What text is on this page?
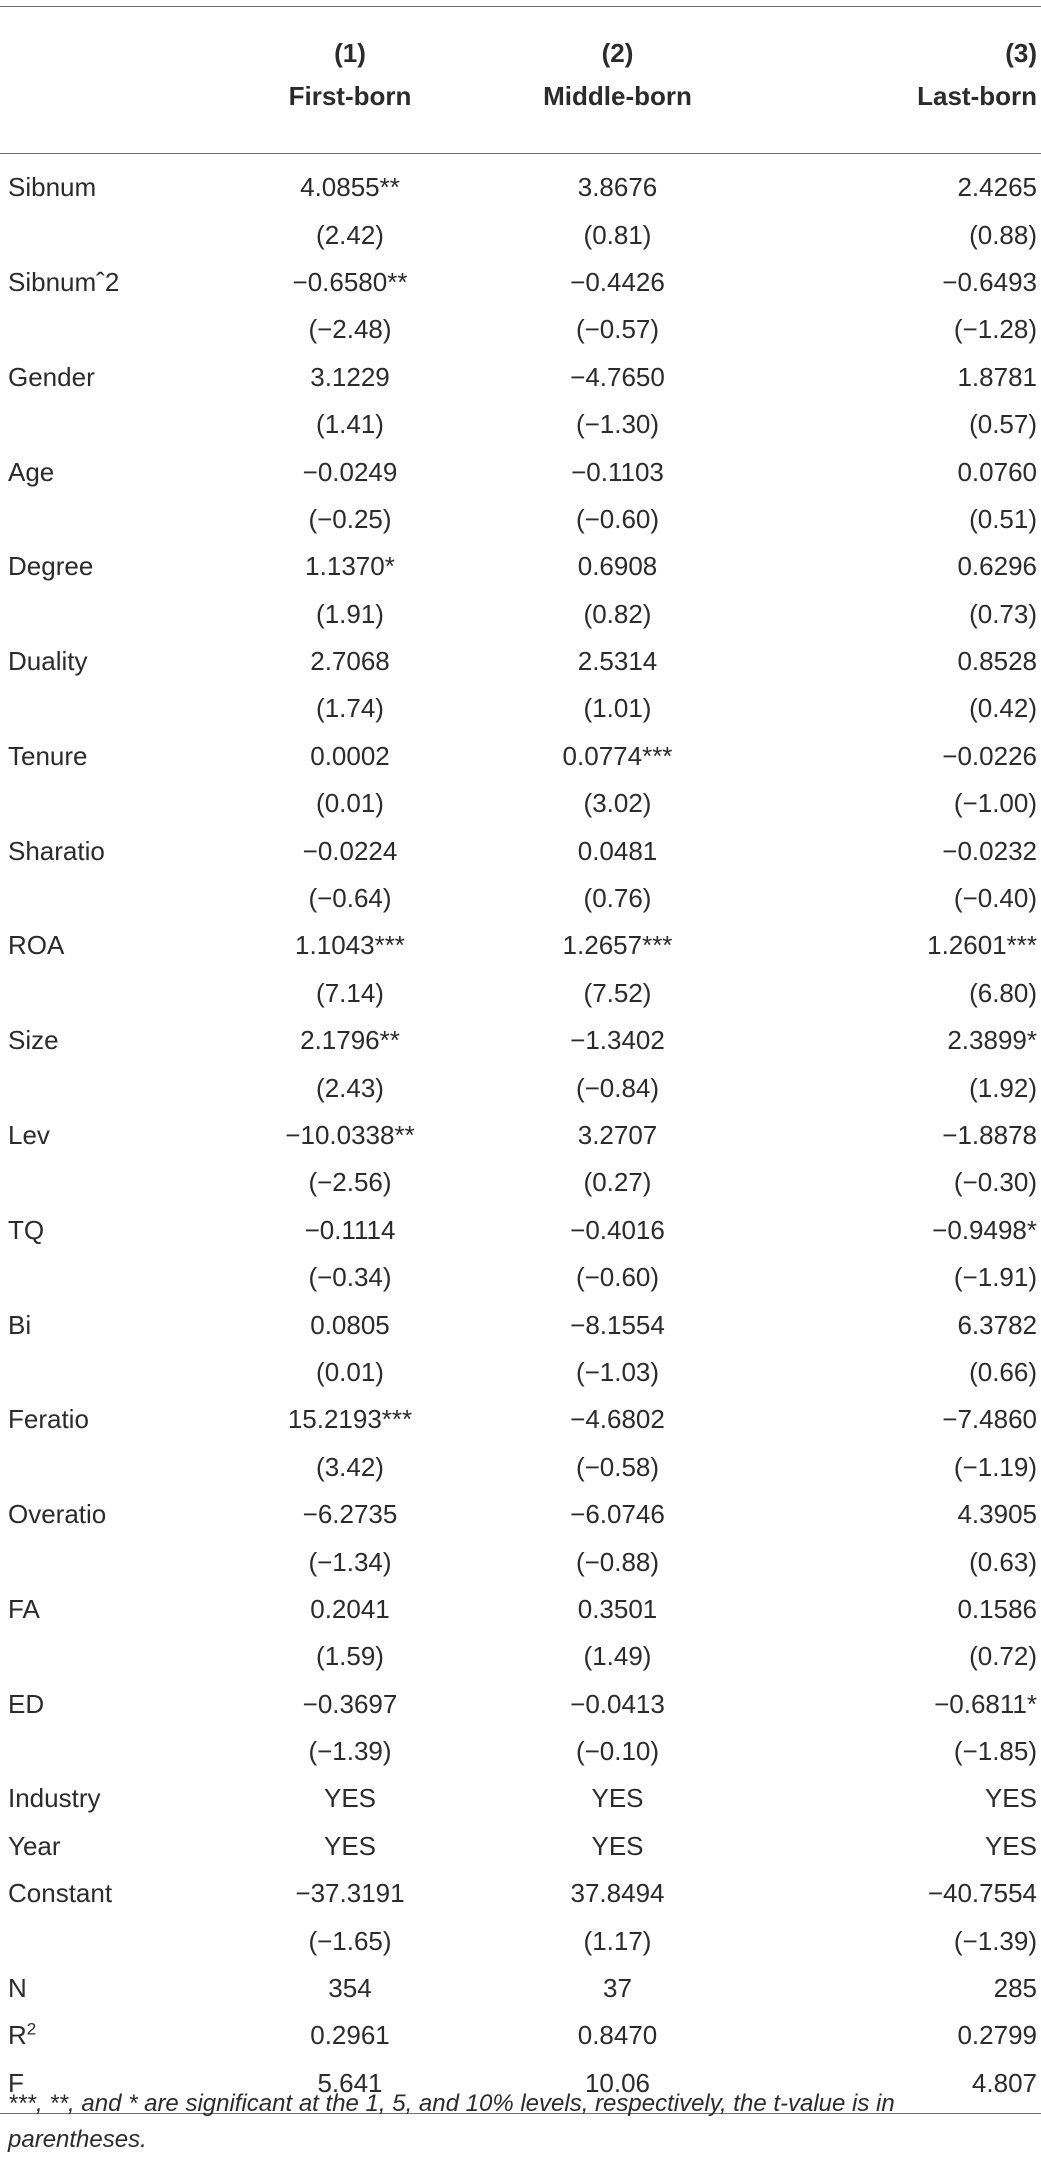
	(1)	(2)	(3)
	First-born	Middle-born	Last-born
Sibnum	4.0855**	3.8676	2.4265
	(2.42)	(0.81)	(0.88)
Sibnumˆ2	−0.6580**	−0.4426	−0.6493
	(−2.48)	(−0.57)	(−1.28)
Gender	3.1229	−4.7650	1.8781
	(1.41)	(−1.30)	(0.57)
Age	−0.0249	−0.1103	0.0760
	(−0.25)	(−0.60)	(0.51)
Degree	1.1370*	0.6908	0.6296
	(1.91)	(0.82)	(0.73)
Duality	2.7068	2.5314	0.8528
	(1.74)	(1.01)	(0.42)
Tenure	0.0002	0.0774***	−0.0226
	(0.01)	(3.02)	(−1.00)
Sharatio	−0.0224	0.0481	−0.0232
	(−0.64)	(0.76)	(−0.40)
ROA	1.1043***	1.2657***	1.2601***
	(7.14)	(7.52)	(6.80)
Size	2.1796**	−1.3402	2.3899*
	(2.43)	(−0.84)	(1.92)
Lev	−10.0338**	3.2707	−1.8878
	(−2.56)	(0.27)	(−0.30)
TQ	−0.1114	−0.4016	−0.9498*
	(−0.34)	(−0.60)	(−1.91)
Bi	0.0805	−8.1554	6.3782
	(0.01)	(−1.03)	(0.66)
Feratio	15.2193***	−4.6802	−7.4860
	(3.42)	(−0.58)	(−1.19)
Overatio	−6.2735	−6.0746	4.3905
	(−1.34)	(−0.88)	(0.63)
FA	0.2041	0.3501	0.1586
	(1.59)	(1.49)	(0.72)
ED	−0.3697	−0.0413	−0.6811*
	(−1.39)	(−0.10)	(−1.85)
Industry	YES	YES	YES
Year	YES	YES	YES
Constant	−37.3191	37.8494	−40.7554
	(−1.65)	(1.17)	(−1.39)
N	354	37	285
$R^2$	0.2961	0.8470	0.2799
F	5.641	10.06	4.807
***, **, and * are significant at the 1, 5, and 10% levels, respectively, the t-value is in parentheses.
